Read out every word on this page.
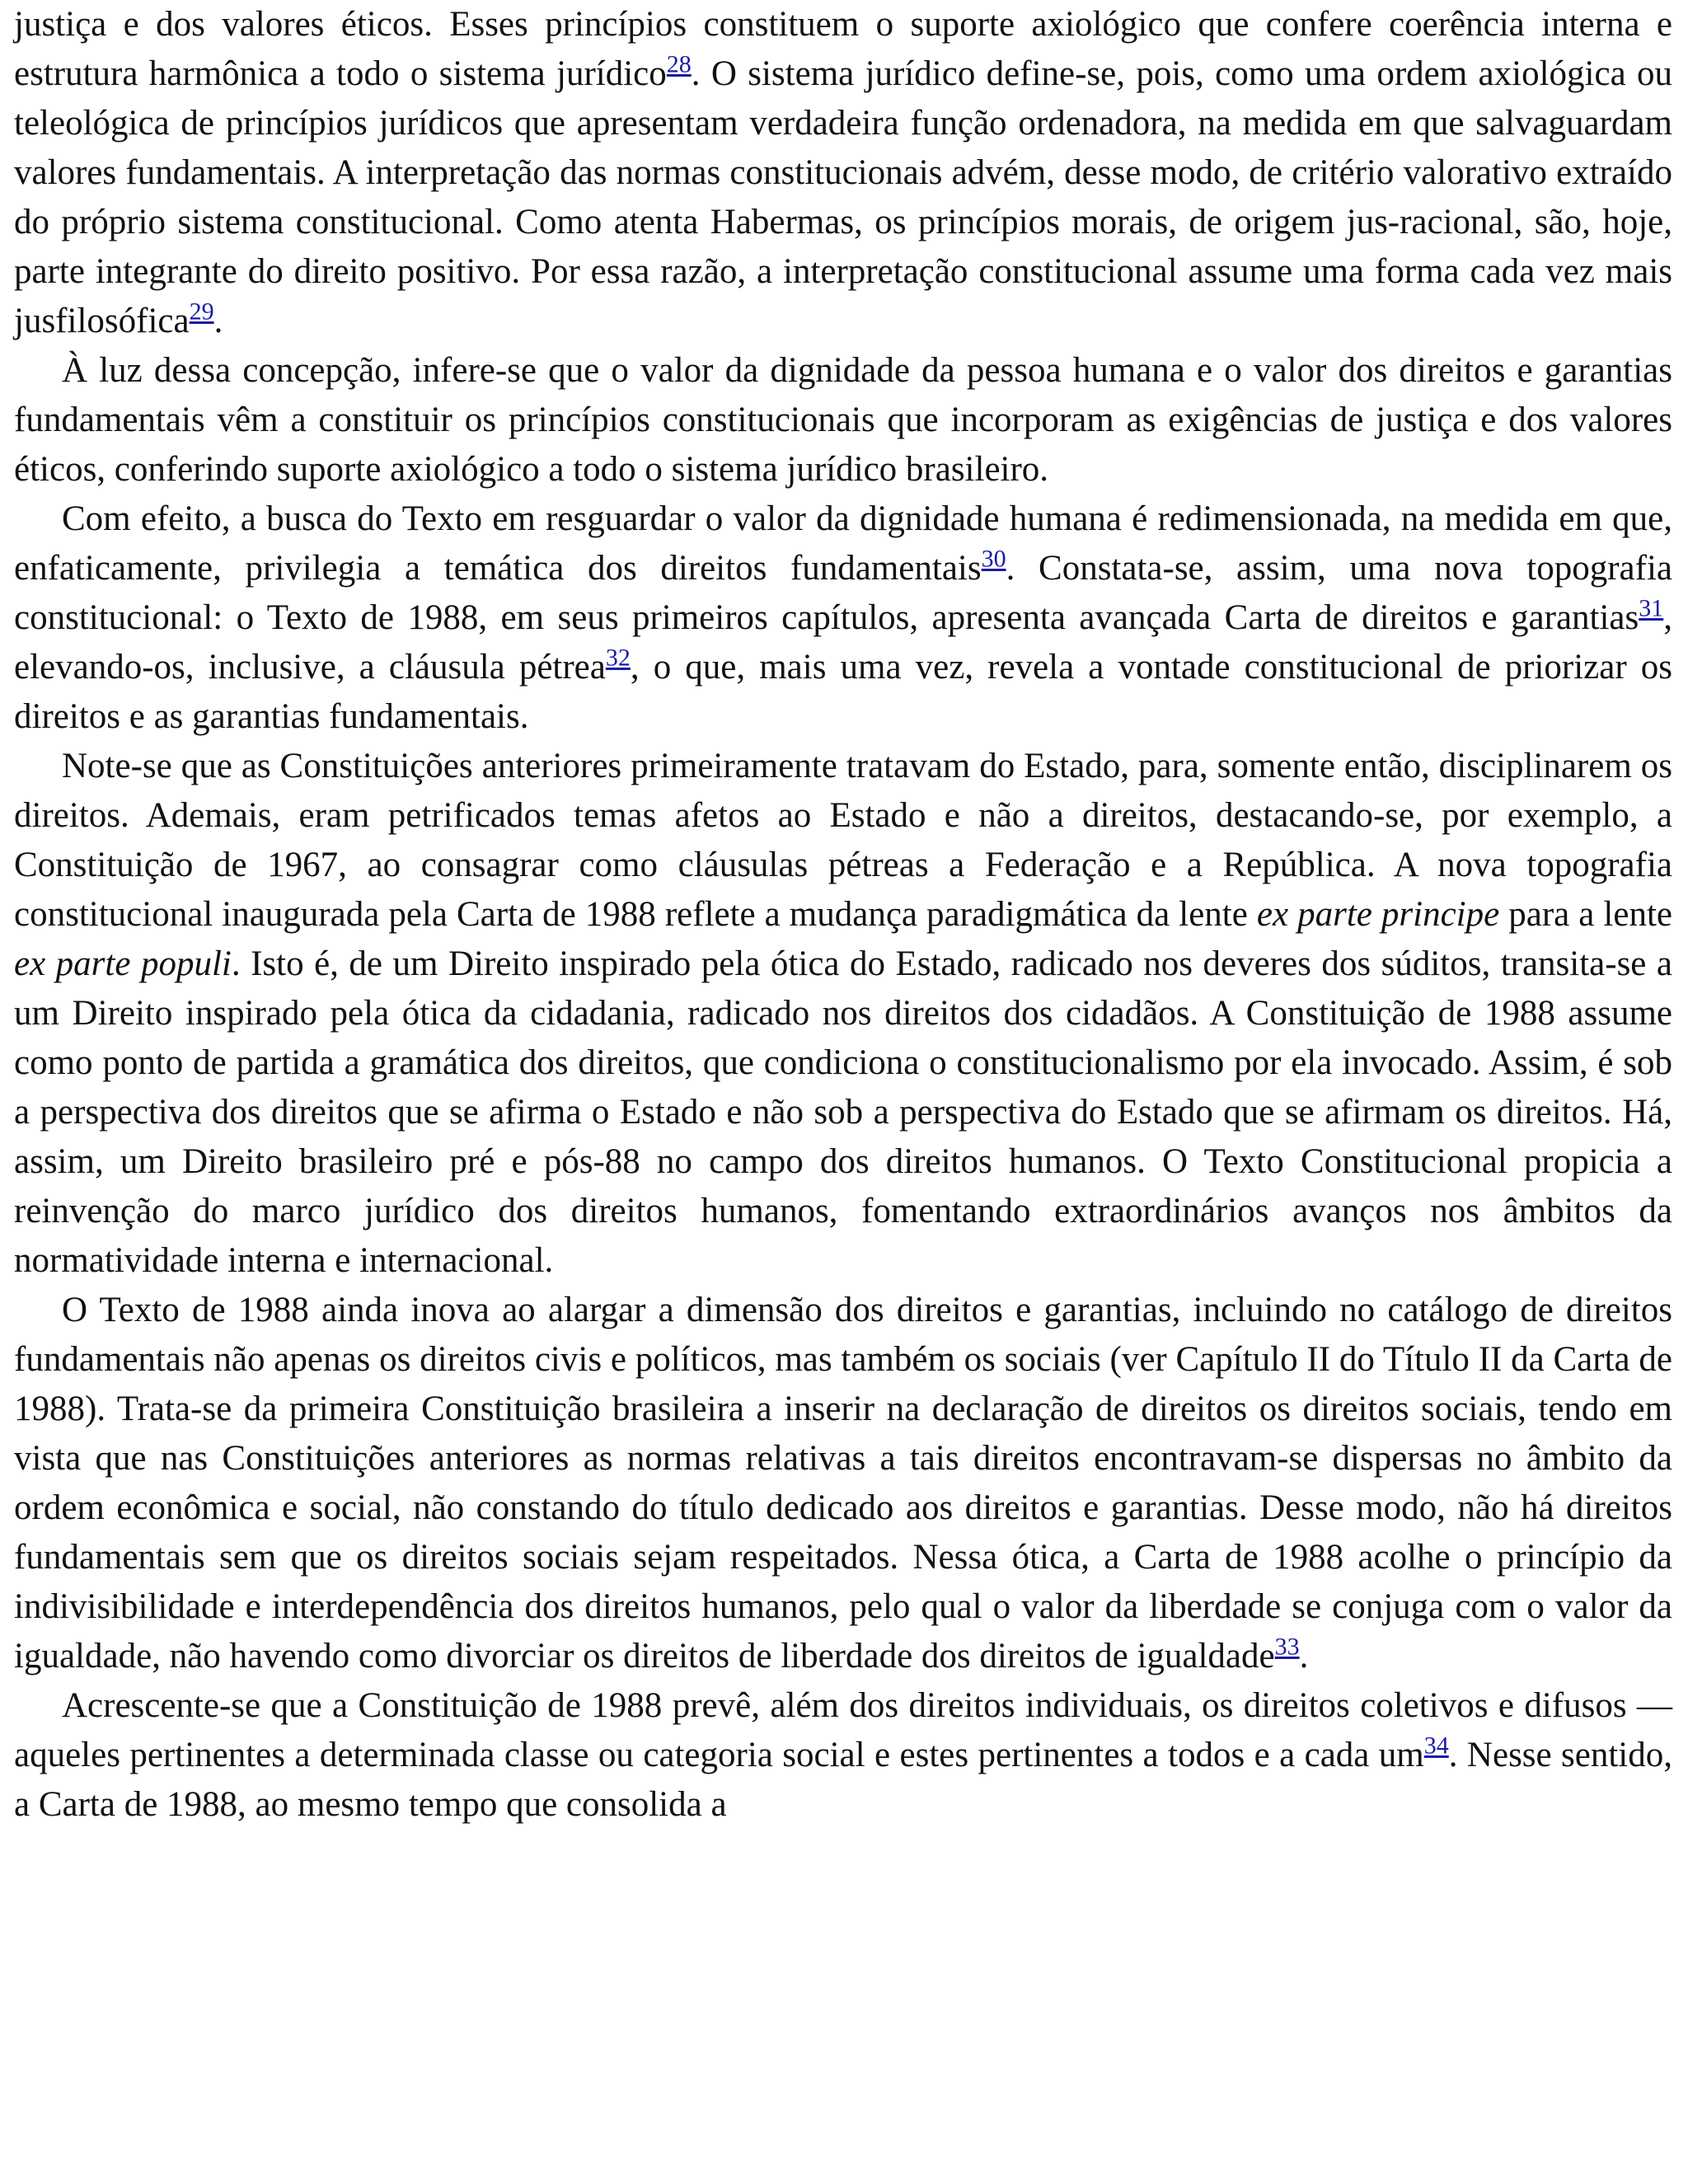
justiça e dos valores éticos. Esses princípios constituem o suporte axiológico que confere coerência interna e estrutura harmônica a todo o sistema jurídico$^{28}$. O sistema jurídico define-se, pois, como uma ordem axiológica ou teleológica de princípios jurídicos que apresentam verdadeira função ordenadora, na medida em que salvaguardam valores fundamentais. A interpretação das normas constitucionais advém, desse modo, de critério valorativo extraído do próprio sistema constitucional. Como atenta Habermas, os princípios morais, de origem jus-racional, são, hoje, parte integrante do direito positivo. Por essa razão, a interpretação constitucional assume uma forma cada vez mais jusfilosófica$^{29}$.

À luz dessa concepção, infere-se que o valor da dignidade da pessoa humana e o valor dos direitos e garantias fundamentais vêm a constituir os princípios constitucionais que incorporam as exigências de justiça e dos valores éticos, conferindo suporte axiológico a todo o sistema jurídico brasileiro.

Com efeito, a busca do Texto em resguardar o valor da dignidade humana é redimensionada, na medida em que, enfaticamente, privilegia a temática dos direitos fundamentais$^{30}$. Constata-se, assim, uma nova topografia constitucional: o Texto de 1988, em seus primeiros capítulos, apresenta avançada Carta de direitos e garantias$^{31}$, elevando-os, inclusive, a cláusula pétrea$^{32}$, o que, mais uma vez, revela a vontade constitucional de priorizar os direitos e as garantias fundamentais.

Note-se que as Constituições anteriores primeiramente tratavam do Estado, para, somente então, disciplinarem os direitos. Ademais, eram petrificados temas afetos ao Estado e não a direitos, destacando-se, por exemplo, a Constituição de 1967, ao consagrar como cláusulas pétreas a Federação e a República. A nova topografia constitucional inaugurada pela Carta de 1988 reflete a mudança paradigmática da lente ex parte principe para a lente ex parte populi. Isto é, de um Direito inspirado pela ótica do Estado, radicado nos deveres dos súditos, transita-se a um Direito inspirado pela ótica da cidadania, radicado nos direitos dos cidadãos. A Constituição de 1988 assume como ponto de partida a gramática dos direitos, que condiciona o constitucionalismo por ela invocado. Assim, é sob a perspectiva dos direitos que se afirma o Estado e não sob a perspectiva do Estado que se afirmam os direitos. Há, assim, um Direito brasileiro pré e pós-88 no campo dos direitos humanos. O Texto Constitucional propicia a reinvenção do marco jurídico dos direitos humanos, fomentando extraordinários avanços nos âmbitos da normatividade interna e internacional.

O Texto de 1988 ainda inova ao alargar a dimensão dos direitos e garantias, incluindo no catálogo de direitos fundamentais não apenas os direitos civis e políticos, mas também os sociais (ver Capítulo II do Título II da Carta de 1988). Trata-se da primeira Constituição brasileira a inserir na declaração de direitos os direitos sociais, tendo em vista que nas Constituições anteriores as normas relativas a tais direitos encontravam-se dispersas no âmbito da ordem econômica e social, não constando do título dedicado aos direitos e garantias. Desse modo, não há direitos fundamentais sem que os direitos sociais sejam respeitados. Nessa ótica, a Carta de 1988 acolhe o princípio da indivisibilidade e interdependência dos direitos humanos, pelo qual o valor da liberdade se conjuga com o valor da igualdade, não havendo como divorciar os direitos de liberdade dos direitos de igualdade$^{33}$.

Acrescente-se que a Constituição de 1988 prevê, além dos direitos individuais, os direitos coletivos e difusos — aqueles pertinentes a determinada classe ou categoria social e estes pertinentes a todos e a cada um$^{34}$. Nesse sentido, a Carta de 1988, ao mesmo tempo que consolida a
